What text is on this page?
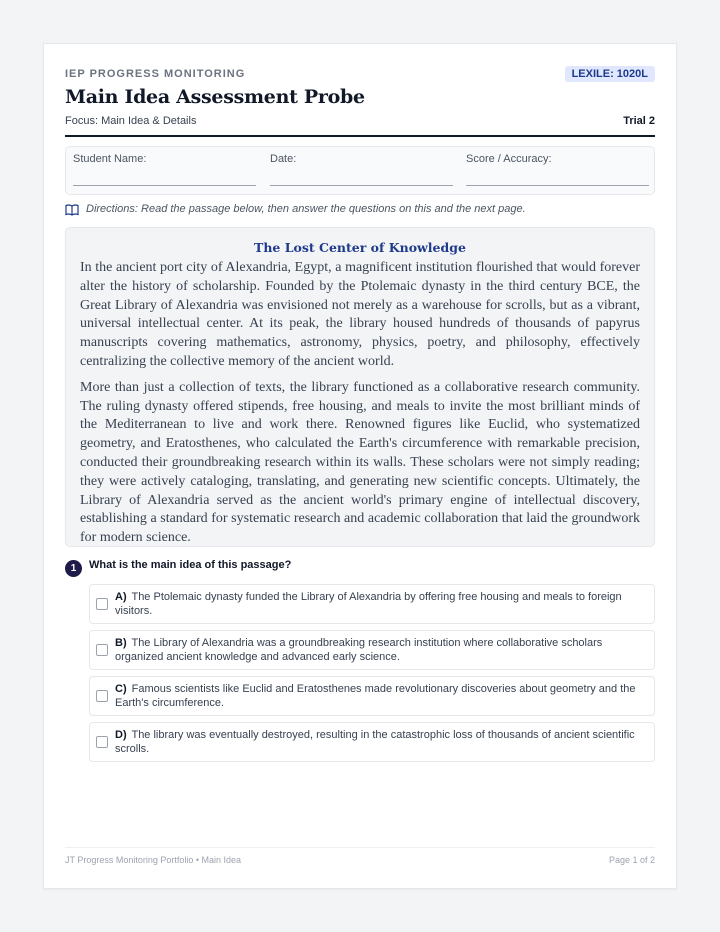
IEP PROGRESS MONITORING	LEXILE: 1020L
Main Idea Assessment Probe
Focus: Main Idea & Details	Trial 2
Student Name:	Date:	Score / Accuracy:
Directions: Read the passage below, then answer the questions on this and the next page.
The Lost Center of Knowledge

In the ancient port city of Alexandria, Egypt, a magnificent institution flourished that would forever alter the history of scholarship. Founded by the Ptolemaic dynasty in the third century BCE, the Great Library of Alexandria was envisioned not merely as a warehouse for scrolls, but as a vibrant, universal intellectual center. At its peak, the library housed hundreds of thousands of papyrus manuscripts covering mathematics, astronomy, physics, poetry, and philosophy, effectively centralizing the collective memory of the ancient world.

More than just a collection of texts, the library functioned as a collaborative research community. The ruling dynasty offered stipends, free housing, and meals to invite the most brilliant minds of the Mediterranean to live and work there. Renowned figures like Euclid, who systematized geometry, and Eratosthenes, who calculated the Earth's circumference with remarkable precision, conducted their groundbreaking research within its walls. These scholars were not simply reading; they were actively cataloging, translating, and generating new scientific concepts. Ultimately, the Library of Alexandria served as the ancient world's primary engine of intellectual discovery, establishing a standard for systematic research and academic collaboration that laid the groundwork for modern science.

1	What is the main idea of this passage?
A) The Ptolemaic dynasty funded the Library of Alexandria by offering free housing and meals to foreign visitors.
B) The Library of Alexandria was a groundbreaking research institution where collaborative scholars organized ancient knowledge and advanced early science.
C) Famous scientists like Euclid and Eratosthenes made revolutionary discoveries about geometry and the Earth's circumference.
D) The library was eventually destroyed, resulting in the catastrophic loss of thousands of ancient scientific scrolls.
JT Progress Monitoring Portfolio • Main Idea	Page 1 of 2
